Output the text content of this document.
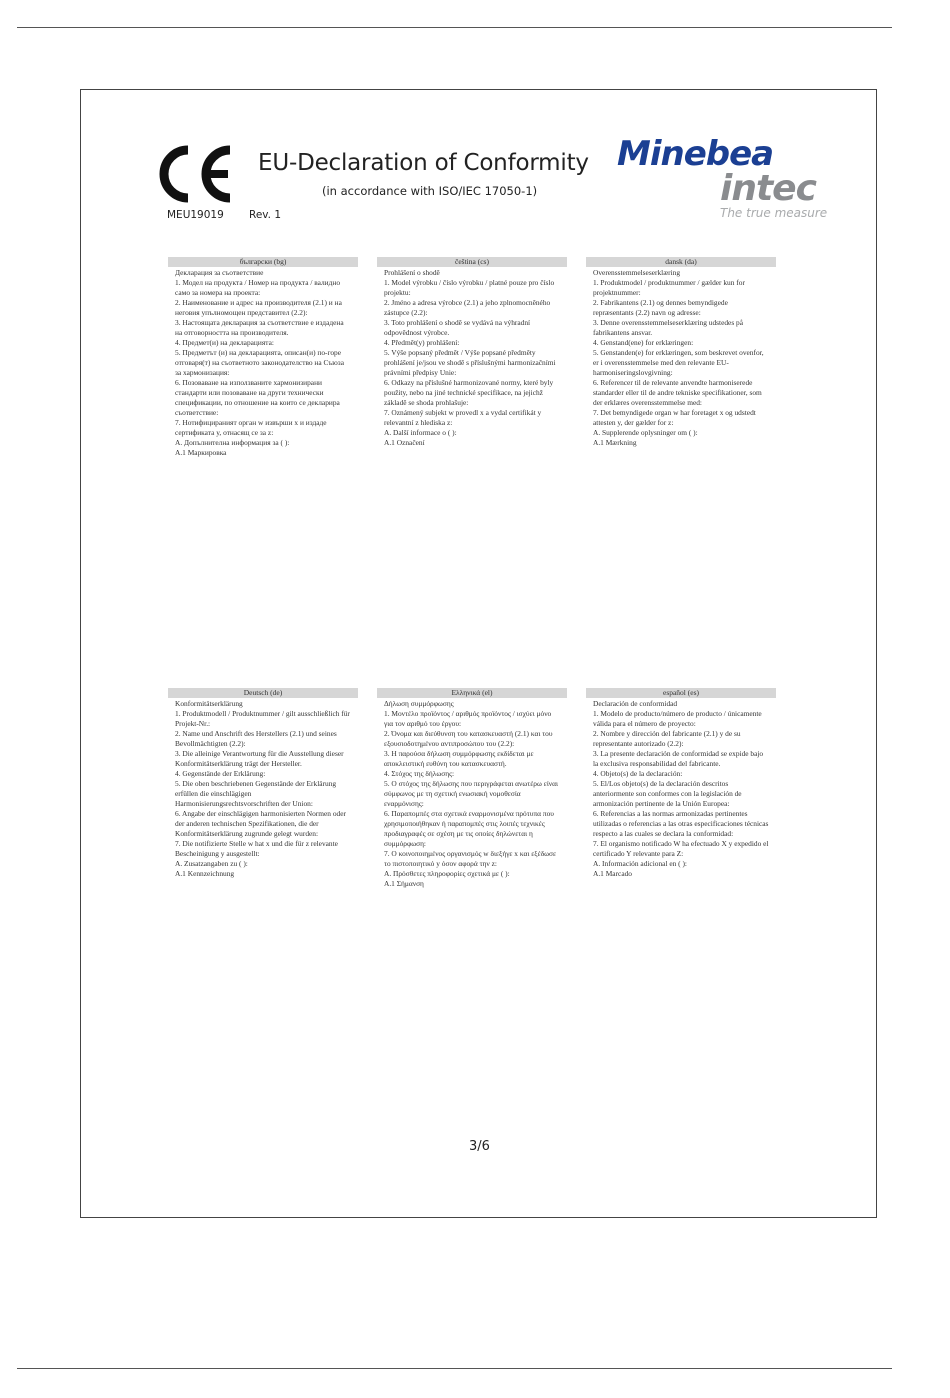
EU-Declaration of Conformity
(in accordance with ISO/IEC 17050-1)
MEU19019 Rev. 1
Minebea
intec
The true measure
български (bg)
Декларация за съответствие
1. Модел на продукта / Номер на продукта / валидно само за номера на проекта:
2. Наименование и адрес на производителя (2.1) и на неговия упълномощен представител (2.2):
3. Настоящата декларация за съответствие е издадена на отговорността на производителя.
4. Предмет(и) на декларацията:
5. Предметът (и) на декларацията, описан(и) по-горе отговаря(т) на съответното законодателство на Съюза за хармонизация:
6. Позоваване на използваните хармонизирани стандарти или позоваване на други технически спецификации, по отношение на които се декларира съответствие:
7. Нотифицираният орган w извърши x и издаде сертификата y, отнасящ се за z:
A. Допълнителна информация за ( ):
A.1 Маркировка
čeština (cs)
Prohlášení o shodě
1. Model výrobku / číslo výrobku / platné pouze pro číslo projektu:
2. Jméno a adresa výrobce (2.1) a jeho zplnomocněného zástupce (2.2):
3. Toto prohlášení o shodě se vydává na výhradní odpovědnost výrobce.
4. Předmět(y) prohlášení:
5. Výše popsaný předmět / Výše popsané předměty prohlášení je/jsou ve shodě s příslušnými harmonizačními právními předpisy Unie:
6. Odkazy na příslušné harmonizované normy, které byly použity, nebo na jiné technické specifikace, na jejichž základě se shoda prohlašuje:
7. Oznámený subjekt w provedl x a vydal certifikát y relevantní z hlediska z:
A. Další informace o ( ):
A.1 Označení
dansk (da)
Overensstemmelseserklæring
1. Produktmodel / produktnummer / gælder kun for projektnummer:
2. Fabrikantens (2.1) og dennes bemyndigede repræsentants (2.2) navn og adresse:
3. Denne overensstemmelseserklæring udstedes på fabrikantens ansvar.
4. Genstand(ene) for erklæringen:
5. Genstanden(e) for erklæringen, som beskrevet ovenfor, er i overensstemmelse med den relevante EU-harmoniseringslovgivning:
6. Referencer til de relevante anvendte harmoniserede standarder eller til de andre tekniske specifikationer, som der erklæres overensstemmelse med:
7. Det bemyndigede organ w har foretaget x og udstedt attesten y, der gælder for z:
A. Supplerende oplysninger om ( ):
A.1 Mærkning
Deutsch (de)
Konformitätserklärung
1. Produktmodell / Produktnummer / gilt ausschließlich für Projekt-Nr.:
2. Name und Anschrift des Herstellers (2.1) und seines Bevollmächtigten (2.2):
3. Die alleinige Verantwortung für die Ausstellung dieser Konformitätserklärung trägt der Hersteller.
4. Gegenstände der Erklärung:
5. Die oben beschriebenen Gegenstände der Erklärung erfüllen die einschlägigen Harmonisierungsrechtsvorschriften der Union:
6. Angabe der einschlägigen harmonisierten Normen oder der anderen technischen Spezifikationen, die der Konformitätserklärung zugrunde gelegt wurden:
7. Die notifizierte Stelle w hat x und die für z relevante Bescheinigung y ausgestellt:
A. Zusatzangaben zu ( ):
A.1 Kennzeichnung
Ελληνικά (el)
Δήλωση συμμόρφωσης
1. Μοντέλο προϊόντος / αριθμός προϊόντος / ισχύει μόνο για τον αριθμό του έργου:
2. Όνομα και διεύθυνση του κατασκευαστή (2.1) και του εξουσιοδοτημένου αντιπροσώπου του (2.2):
3. Η παρούσα δήλωση συμμόρφωσης εκδίδεται με αποκλειστική ευθύνη του κατασκευαστή.
4. Στόχος της δήλωσης:
5. Ο στόχος της δήλωσης που περιγράφεται ανωτέρω είναι σύμφωνος με τη σχετική ενωσιακή νομοθεσία εναρμόνισης:
6. Παραπομπές στα σχετικά εναρμονισμένα πρότυπα που χρησιμοποιήθηκαν ή παραπομπές στις λοιπές τεχνικές προδιαγραφές σε σχέση με τις οποίες δηλώνεται η συμμόρφωση:
7. Ο κοινοποιημένος οργανισμός w διεξήγε x και εξέδωσε το πιστοποιητικό y όσον αφορά την z:
A. Πρόσθετες πληροφορίες σχετικά με ( ):
A.1 Σήμανση
español (es)
Declaración de conformidad
1. Modelo de producto/número de producto / únicamente válida para el número de proyecto:
2. Nombre y dirección del fabricante (2.1) y de su representante autorizado (2.2):
3. La presente declaración de conformidad se expide bajo la exclusiva responsabilidad del fabricante.
4. Objeto(s) de la declaración:
5. El/Los objeto(s) de la declaración descritos anteriormente son conformes con la legislación de armonización pertinente de la Unión Europea:
6. Referencias a las normas armonizadas pertinentes utilizadas o referencias a las otras especificaciones técnicas respecto a las cuales se declara la conformidad:
7. El organismo notificado W ha efectuado X y expedido el certificado Y relevante para Z:
A. Información adicional en ( ):
A.1 Marcado
3/6
